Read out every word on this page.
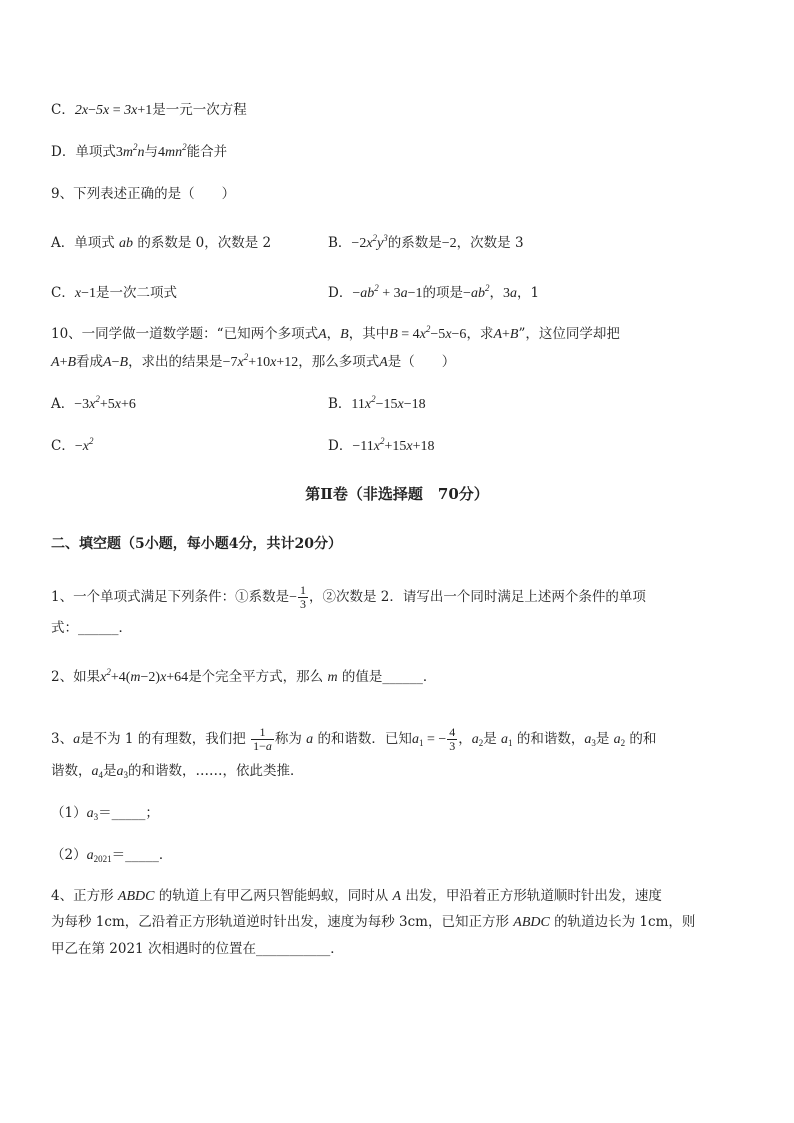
C．2x−5x = 3x+1是一元一次方程
D．单项式$3m^2n$与$4mn^2$能合并
9、下列表述正确的是（　　）
A．单项式 ab 的系数是 0，次数是 2	B．$-2x^2y^3$的系数是−2，次数是 3
C．x−1是一次二项式	D．$-ab^2 + 3a-1$的项是$-ab^2$，3a，1
10、一同学做一道数学题：“已知两个多项式A，B，其中$B = 4x^2-5x-6$，求A+B”，这位同学却把
A+B看成A−B，求出的结果是$-7x^2+10x+12$，那么多项式A是（　　）
A．$-3x^2+5x+6$	B．$11x^2-15x-18$
C．$-x^2$	D．$-11x^2+15x+18$
第Ⅱ卷（非选择题　70分）
二、填空题（5小题，每小题4分，共计20分）
1、一个单项式满足下列条件：①系数是− $\frac{1}{3}$ ，②次数是 2．请写出一个同时满足上述两个条件的单项
式：______．
2、如果$x^2+4(m-2)x+64$是个完全平方式，那么 m 的值是______．
3、a是不为 1 的有理数，我们把 $\frac{1}{1-a}$ 称为 a 的和谐数．已知$a_1$ = − $\frac{4}{3}$ ，$a_2$是 $a_1$ 的和谐数，$a_3$是 $a_2$ 的和
谐数，$a_4$是$a_3$的和谐数，……，依此类推．
$(1)a_3=\_\_\_\_\_$；
$(2)a_{2021}=\_\_\_\_\_$．
4、正方形 ABDC 的轨道上有甲乙两只智能蚂蚁，同时从 A 出发，甲沿着正方形轨道顺时针出发，速度
为每秒 1cm，乙沿着正方形轨道逆时针出发，速度为每秒 3cm，已知正方形 ABDC 的轨道边长为 1cm，则
甲乙在第 2021 次相遇时的位置在___________．
